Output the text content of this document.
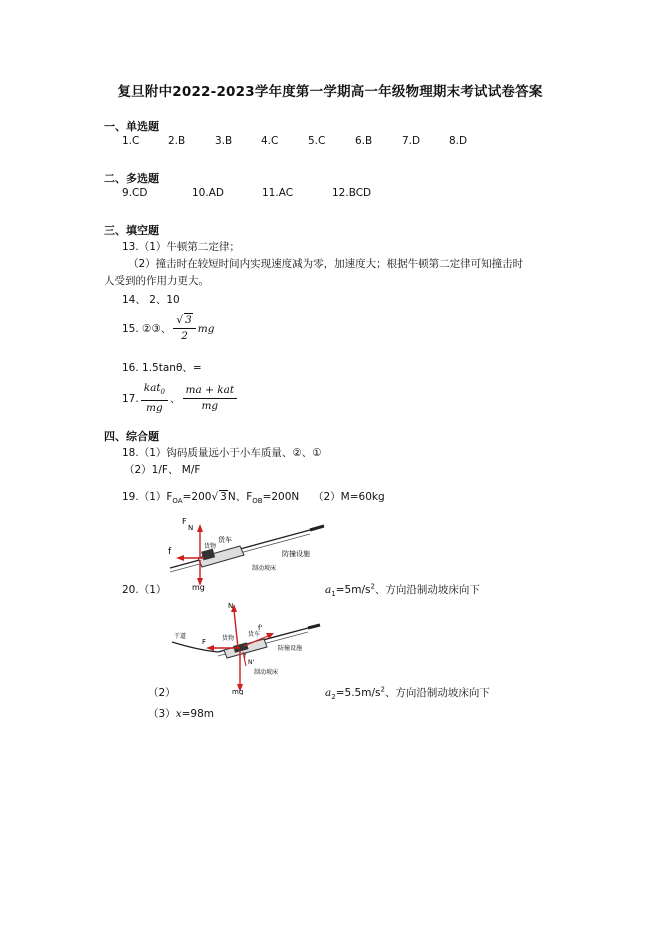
复旦附中2022-2023学年度第一学期高一年级物理期末考试试卷答案
一、单选题
1.C	2.B	3.B	4.C	5.C	6.B	7.D	8.D
二、多选题
9.CD	10.AD	11.AC	12.BCD
三、填空题
13.（1）牛顿第二定律；
（2）撞击时在较短时间内实现速度减为零，加速度大；根据牛顿第二定律可知撞击时
人受到的作用力更大。
14、 2、10
15. ②③、 $\frac{√ 3}{2}$ mg
16. 1.5tanθ、=
17. $\frac{kat_0}{mg}$ 、 $\frac{\text{ma + kat}}{mg}$
四、综合题
18.（1）钩码质量远小于小车质量、②、①
（2）1/F、 M/F
$19.(1)F_{OA}=200√$ 3N、$F_{OB}=200N$ （2）M=60kg
F
N
f
货车
货物
防撞设施
制动坡床
mg
20.（1）	$a_1=5m/s^2$、方向沿制动坡床向下
N
干道
F	货物
货车
f'
防撞设施
N'
f
制动坡床
mg
（2）	$a_2=5.5m/s^2$、方向沿制动坡床向下
（3）x=98m
